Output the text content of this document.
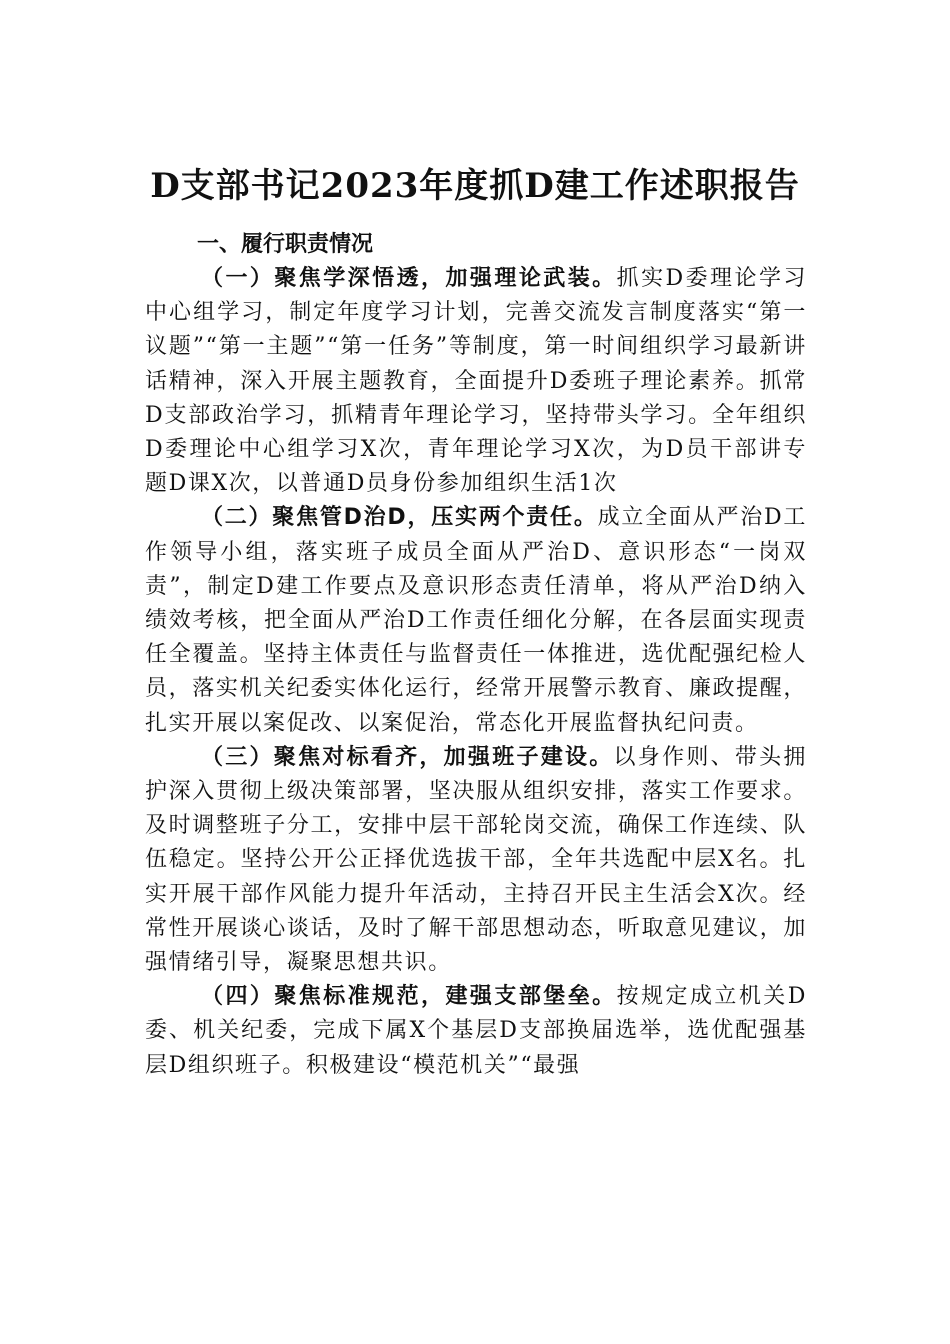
D支部书记2023年度抓D建工作述职报告

一、履行职责情况

（一）聚焦学深悟透，加强理论武装。抓实D委理论学习中心组学习，制定年度学习计划，完善交流发言制度落实“第一议题”“第一主题”“第一任务”等制度，第一时间组织学习最新讲话精神，深入开展主题教育，全面提升D委班子理论素养。抓常D支部政治学习，抓精青年理论学习，坚持带头学习。全年组织D委理论中心组学习X次，青年理论学习X次，为D员干部讲专题D课X次，以普通D员身份参加组织生活1次

（二）聚焦管D治D，压实两个责任。成立全面从严治D工作领导小组，落实班子成员全面从严治D、意识形态“一岗双责”，制定D建工作要点及意识形态责任清单，将从严治D纳入绩效考核，把全面从严治D工作责任细化分解，在各层面实现责任全覆盖。坚持主体责任与监督责任一体推进，选优配强纪检人员，落实机关纪委实体化运行，经常开展警示教育、廉政提醒，扎实开展以案促改、以案促治，常态化开展监督执纪问责。

（三）聚焦对标看齐，加强班子建设。以身作则、带头拥护深入贯彻上级决策部署，坚决服从组织安排，落实工作要求。及时调整班子分工，安排中层干部轮岗交流，确保工作连续、队伍稳定。坚持公开公正择优选拔干部，全年共选配中层X名。扎实开展干部作风能力提升年活动，主持召开民主生活会X次。经常性开展谈心谈话，及时了解干部思想动态，听取意见建议，加强情绪引导，凝聚思想共识。

（四）聚焦标准规范，建强支部堡垒。按规定成立机关D委、机关纪委，完成下属X个基层D支部换届选举，选优配强基层D组织班子。积极建设“模范机关”“最强
